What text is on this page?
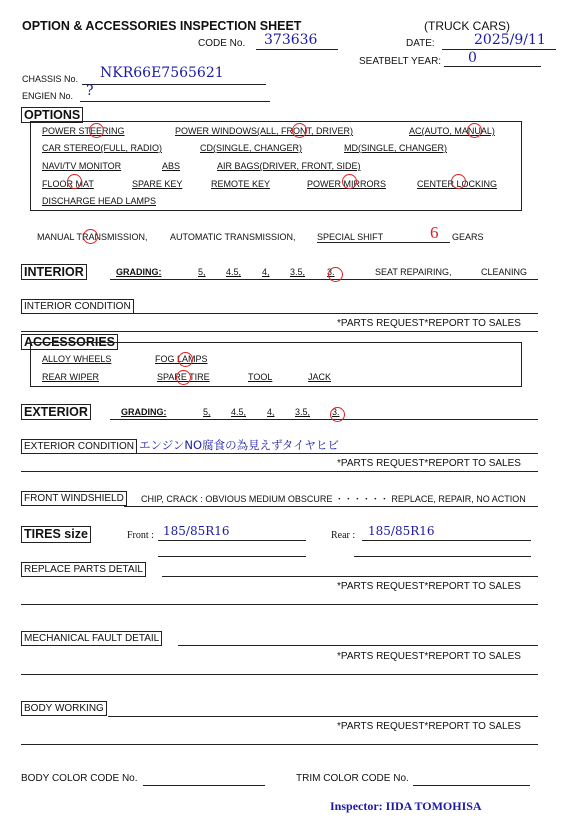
OPTION & ACCESSORIES INSPECTION SHEET	(TRUCK CARS)
CODE No. 373636	DATE:	2025/9/11
SEATBELT YEAR: 0
CHASSIS No. NKR66E7565621
ENGIEN No. ?
OPTIONS
POWER STEERING	POWER WINDOWS(ALL, FRONT, DRIVER)	AC(AUTO, MANUAL)
CAR STEREO(FULL, RADIO)	CD(SINGLE, CHANGER)	MD(SINGLE, CHANGER)
NAVI/TV MONITOR	ABS	AIR BAGS(DRIVER, FRONT, SIDE)
FLOOR MAT	SPARE KEY	REMOTE KEY	POWER MIRRORS	CENTER LOCKING
DISCHARGE HEAD LAMPS
MANUAL TRANSMISSION, AUTOMATIC TRANSMISSION, SPECIAL SHIFT	6 GEARS
INTERIOR	GRADING:	5, 4.5, 4, 3.5, 3.	SEAT REPAIRING,	CLEANING
INTERIOR CONDITION
*PARTS REQUEST*REPORT TO SALES
ACCESSORIES
ALLOY WHEELS	FOG LAMPS
REAR WIPER	SPARE TIRE	TOOL	JACK
EXTERIOR	GRADING:	5, 4.5, 4, 3.5, 3.
EXTERIOR CONDITION エンジンNO腐食の為見えずタイヤヒビ
*PARTS REQUEST*REPORT TO SALES
FRONT WINDSHIELD	CHIP, CRACK : OBVIOUS MEDIUM OBSCURE ・・・・・・ REPLACE, REPAIR, NO ACTION
TIRES size	Front : 185/85R16	Rear : 185/85R16
REPLACE PARTS DETAIL
*PARTS REQUEST*REPORT TO SALES
MECHANICAL FAULT DETAIL
*PARTS REQUEST*REPORT TO SALES
BODY WORKING
*PARTS REQUEST*REPORT TO SALES
BODY COLOR CODE No.	TRIM COLOR CODE No.
Inspector: IIDA TOMOHISA
